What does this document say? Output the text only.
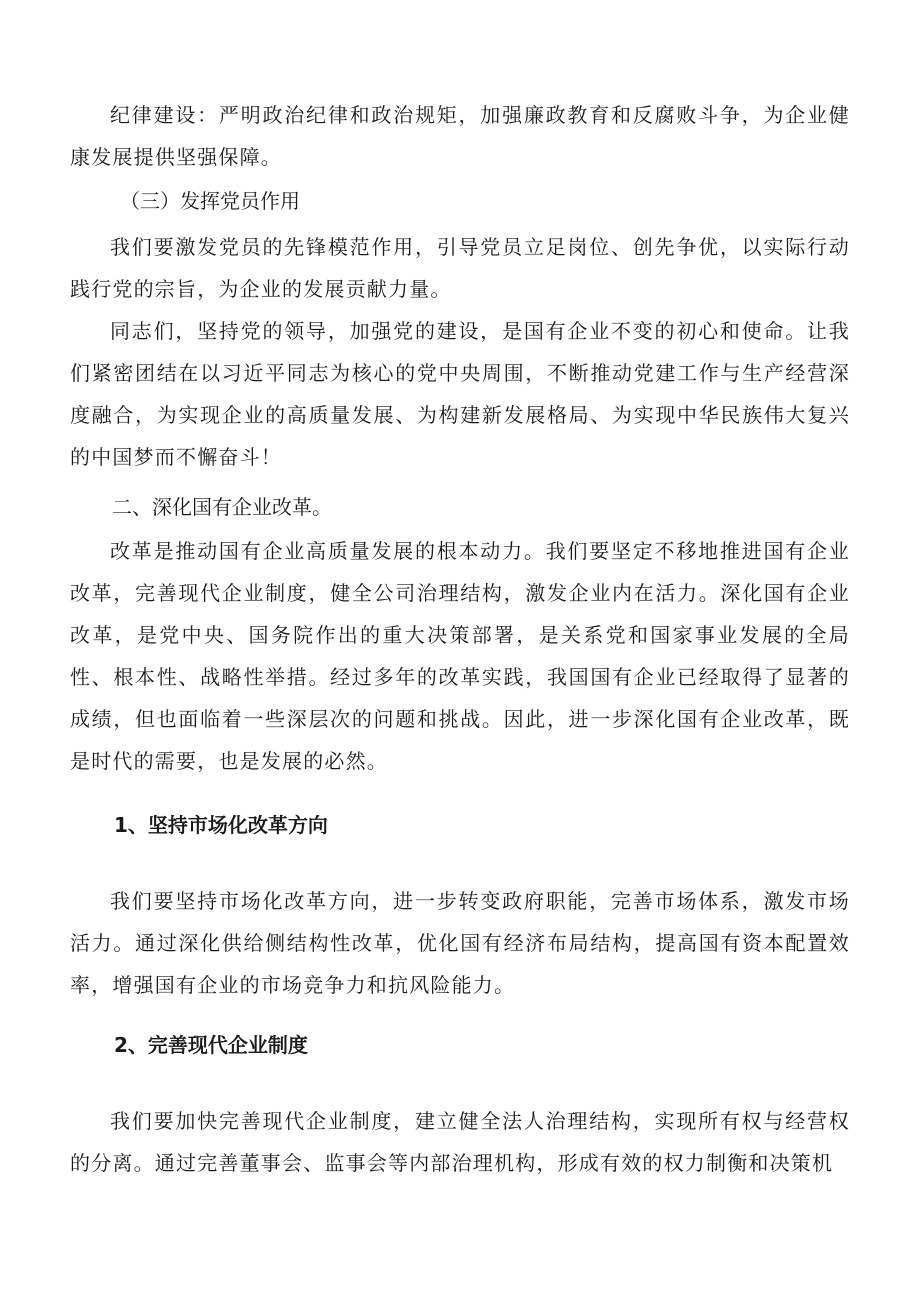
纪律建设：严明政治纪律和政治规矩，加强廉政教育和反腐败斗争，为企业健康发展提供坚强保障。

（三）发挥党员作用

我们要激发党员的先锋模范作用，引导党员立足岗位、创先争优，以实际行动践行党的宗旨，为企业的发展贡献力量。

同志们，坚持党的领导，加强党的建设，是国有企业不变的初心和使命。让我们紧密团结在以习近平同志为核心的党中央周围，不断推动党建工作与生产经营深度融合，为实现企业的高质量发展、为构建新发展格局、为实现中华民族伟大复兴的中国梦而不懈奋斗！

二、深化国有企业改革。

改革是推动国有企业高质量发展的根本动力。我们要坚定不移地推进国有企业改革，完善现代企业制度，健全公司治理结构，激发企业内在活力。深化国有企业改革，是党中央、国务院作出的重大决策部署，是关系党和国家事业发展的全局性、根本性、战略性举措。经过多年的改革实践，我国国有企业已经取得了显著的成绩，但也面临着一些深层次的问题和挑战。因此，进一步深化国有企业改革，既是时代的需要，也是发展的必然。

1、坚持市场化改革方向

我们要坚持市场化改革方向，进一步转变政府职能，完善市场体系，激发市场活力。通过深化供给侧结构性改革，优化国有经济布局结构，提高国有资本配置效率，增强国有企业的市场竞争力和抗风险能力。

2、完善现代企业制度

我们要加快完善现代企业制度，建立健全法人治理结构，实现所有权与经营权的分离。通过完善董事会、监事会等内部治理机构，形成有效的权力制衡和决策机
